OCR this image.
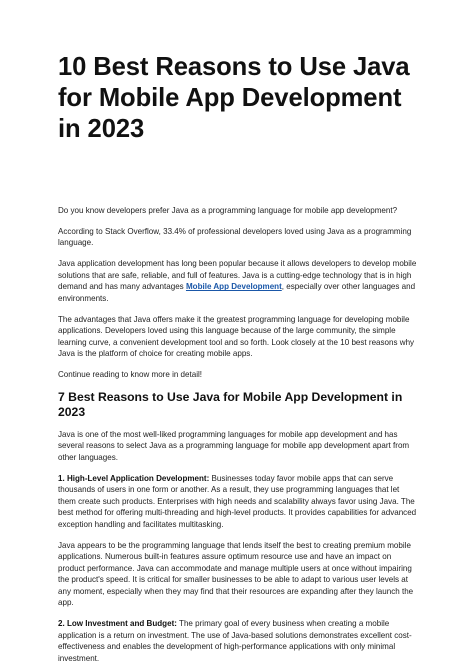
10 Best Reasons to Use Java for Mobile App Development in 2023

Do you know developers prefer Java as a programming language for mobile app development?

According to Stack Overflow, 33.4% of professional developers loved using Java as a programming language.

Java application development has long been popular because it allows developers to develop mobile solutions that are safe, reliable, and full of features. Java is a cutting-edge technology that is in high demand and has many advantages Mobile App Development, especially over other languages and environments.

The advantages that Java offers make it the greatest programming language for developing mobile applications. Developers loved using this language because of the large community, the simple learning curve, a convenient development tool and so forth. Look closely at the 10 best reasons why Java is the platform of choice for creating mobile apps.

Continue reading to know more in detail!

7 Best Reasons to Use Java for Mobile App Development in 2023

Java is one of the most well-liked programming languages for mobile app development and has several reasons to select Java as a programming language for mobile app development apart from other languages.

1. High-Level Application Development: Businesses today favor mobile apps that can serve thousands of users in one form or another. As a result, they use programming languages that let them create such products. Enterprises with high needs and scalability always favor using Java. The best method for offering multi-threading and high-level products. It provides capabilities for advanced exception handling and facilitates multitasking.

Java appears to be the programming language that lends itself the best to creating premium mobile applications. Numerous built-in features assure optimum resource use and have an impact on product performance. Java can accommodate and manage multiple users at once without impairing the product's speed. It is critical for smaller businesses to be able to adapt to various user levels at any moment, especially when they may find that their resources are expanding after they launch the app.

2. Low Investment and Budget: The primary goal of every business when creating a mobile application is a return on investment. The use of Java-based solutions demonstrates excellent cost-effectiveness and enables the development of high-performance applications with only minimal investment.
